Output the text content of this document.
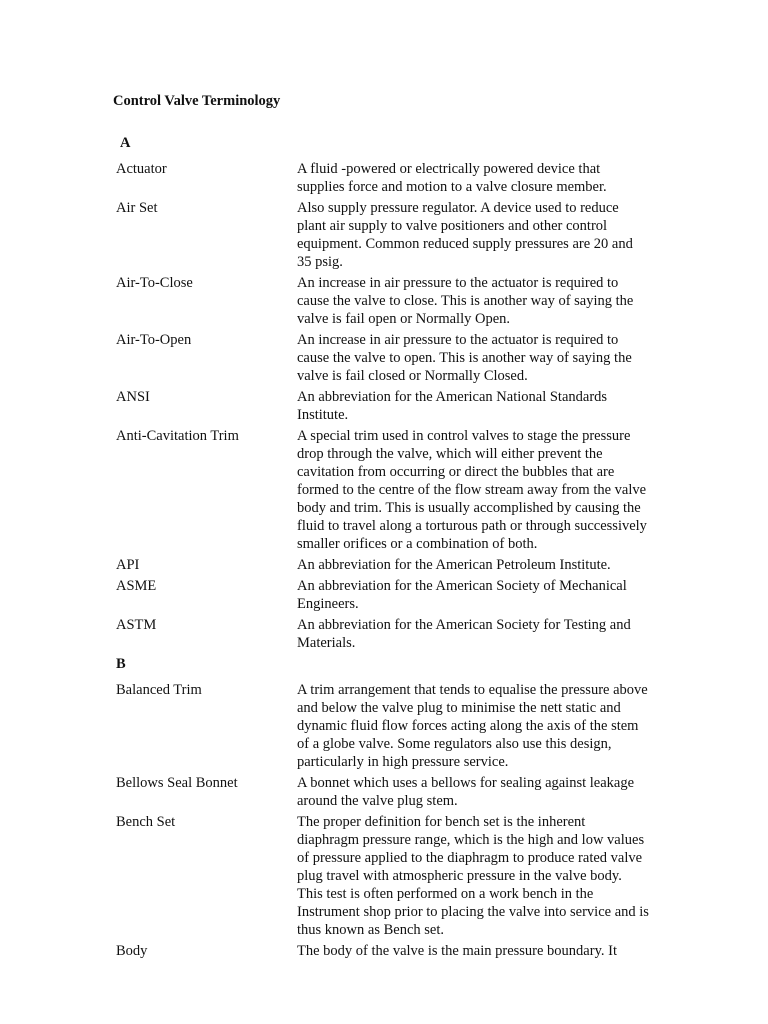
Control Valve Terminology
A
Actuator	A fluid -powered or electrically powered device that supplies force and motion to a valve closure member.
Air Set	Also supply pressure regulator. A device used to reduce plant air supply to valve positioners and other control equipment. Common reduced supply pressures are 20 and 35 psig.
Air-To-Close	An increase in air pressure to the actuator is required to cause the valve to close. This is another way of saying the valve is fail open or Normally Open.
Air-To-Open	An increase in air pressure to the actuator is required to cause the valve to open. This is another way of saying the valve is fail closed or Normally Closed.
ANSI	An abbreviation for the American National Standards Institute.
Anti-Cavitation Trim	A special trim used in control valves to stage the pressure drop through the valve, which will either prevent the cavitation from occurring or direct the bubbles that are formed to the centre of the flow stream away from the valve body and trim. This is usually accomplished by causing the fluid to travel along a torturous path or through successively smaller orifices or a combination of both.
API	An abbreviation for the American Petroleum Institute.
ASME	An abbreviation for the American Society of Mechanical Engineers.
ASTM	An abbreviation for the American Society for Testing and Materials.
B
Balanced Trim	A trim arrangement that tends to equalise the pressure above and below the valve plug to minimise the nett static and dynamic fluid flow forces acting along the axis of the stem of a globe valve. Some regulators also use this design, particularly in high pressure service.
Bellows Seal Bonnet	A bonnet which uses a bellows for sealing against leakage around the valve plug stem.
Bench Set	The proper definition for bench set is the inherent diaphragm pressure range, which is the high and low values of pressure applied to the diaphragm to produce rated valve plug travel with atmospheric pressure in the valve body. This test is often performed on a work bench in the Instrument shop prior to placing the valve into service and is thus known as Bench set.
Body	The body of the valve is the main pressure boundary. It
